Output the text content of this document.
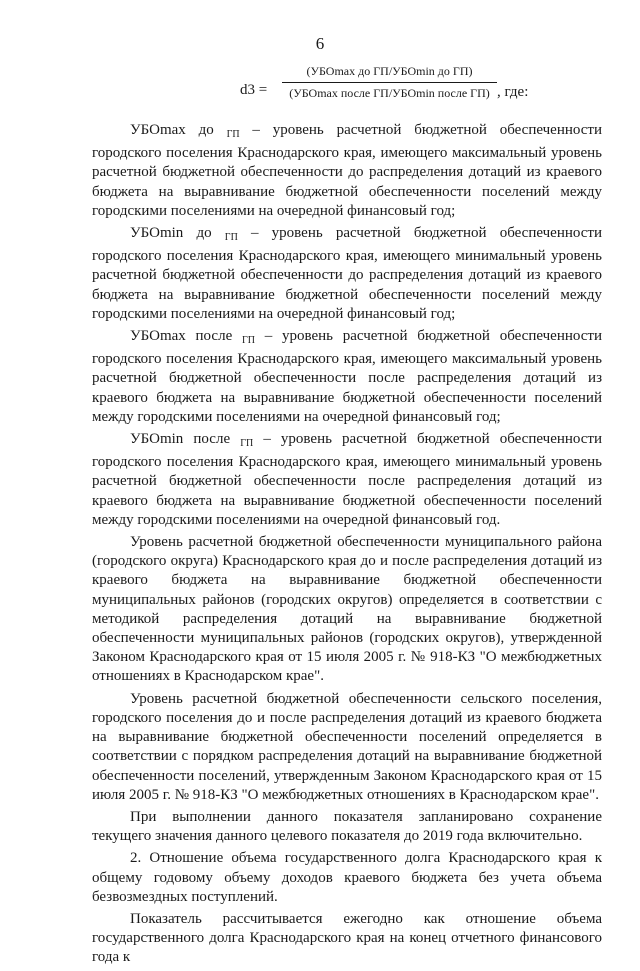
6
d3 =
(УБОmax до ГП/УБОmin до ГП)
(УБОmax после ГП/УБОmin после ГП) , где:

УБОmax до $_{ГП}$ – уровень расчетной бюджетной обеспеченности городского поселения Краснодарского края, имеющего максимальный уровень расчетной бюджетной обеспеченности до распределения дотаций из краевого бюджета на выравнивание бюджетной обеспеченности поселений между городскими поселениями на очередной финансовый год;

УБОmin до $_{ГП}$ – уровень расчетной бюджетной обеспеченности городского поселения Краснодарского края, имеющего минимальный уровень расчетной бюджетной обеспеченности до распределения дотаций из краевого бюджета на выравнивание бюджетной обеспеченности поселений между городскими поселениями на очередной финансовый год;

УБОmax после $_{ГП}$ – уровень расчетной бюджетной обеспеченности городского поселения Краснодарского края, имеющего максимальный уровень расчетной бюджетной обеспеченности после распределения дотаций из краевого бюджета на выравнивание бюджетной обеспеченности поселений между городскими поселениями на очередной финансовый год;

УБОmin после $_{ГП}$ – уровень расчетной бюджетной обеспеченности городского поселения Краснодарского края, имеющего минимальный уровень расчетной бюджетной обеспеченности после распределения дотаций из краевого бюджета на выравнивание бюджетной обеспеченности поселений между городскими поселениями на очередной финансовый год.

Уровень расчетной бюджетной обеспеченности муниципального района (городского округа) Краснодарского края до и после распределения дотаций из краевого бюджета на выравнивание бюджетной обеспеченности муниципальных районов (городских округов) определяется в соответствии с методикой распределения дотаций на выравнивание бюджетной обеспеченности муниципальных районов (городских округов), утвержденной Законом Краснодарского края от 15 июля 2005 г. № 918-КЗ "О межбюджетных отношениях в Краснодарском крае".

Уровень расчетной бюджетной обеспеченности сельского поселения, городского поселения до и после распределения дотаций из краевого бюджета на выравнивание бюджетной обеспеченности поселений определяется в соответствии с порядком распределения дотаций на выравнивание бюджетной обеспеченности поселений, утвержденным Законом Краснодарского края от 15 июля 2005 г. № 918-КЗ "О межбюджетных отношениях в Краснодарском крае".

При выполнении данного показателя запланировано сохранение текущего значения данного целевого показателя до 2019 года включительно.

2. Отношение объема государственного долга Краснодарского края к общему годовому объему доходов краевого бюджета без учета объема безвозмездных поступлений.

Показатель рассчитывается ежегодно как отношение объема государственного долга Краснодарского края на конец отчетного финансового года к
